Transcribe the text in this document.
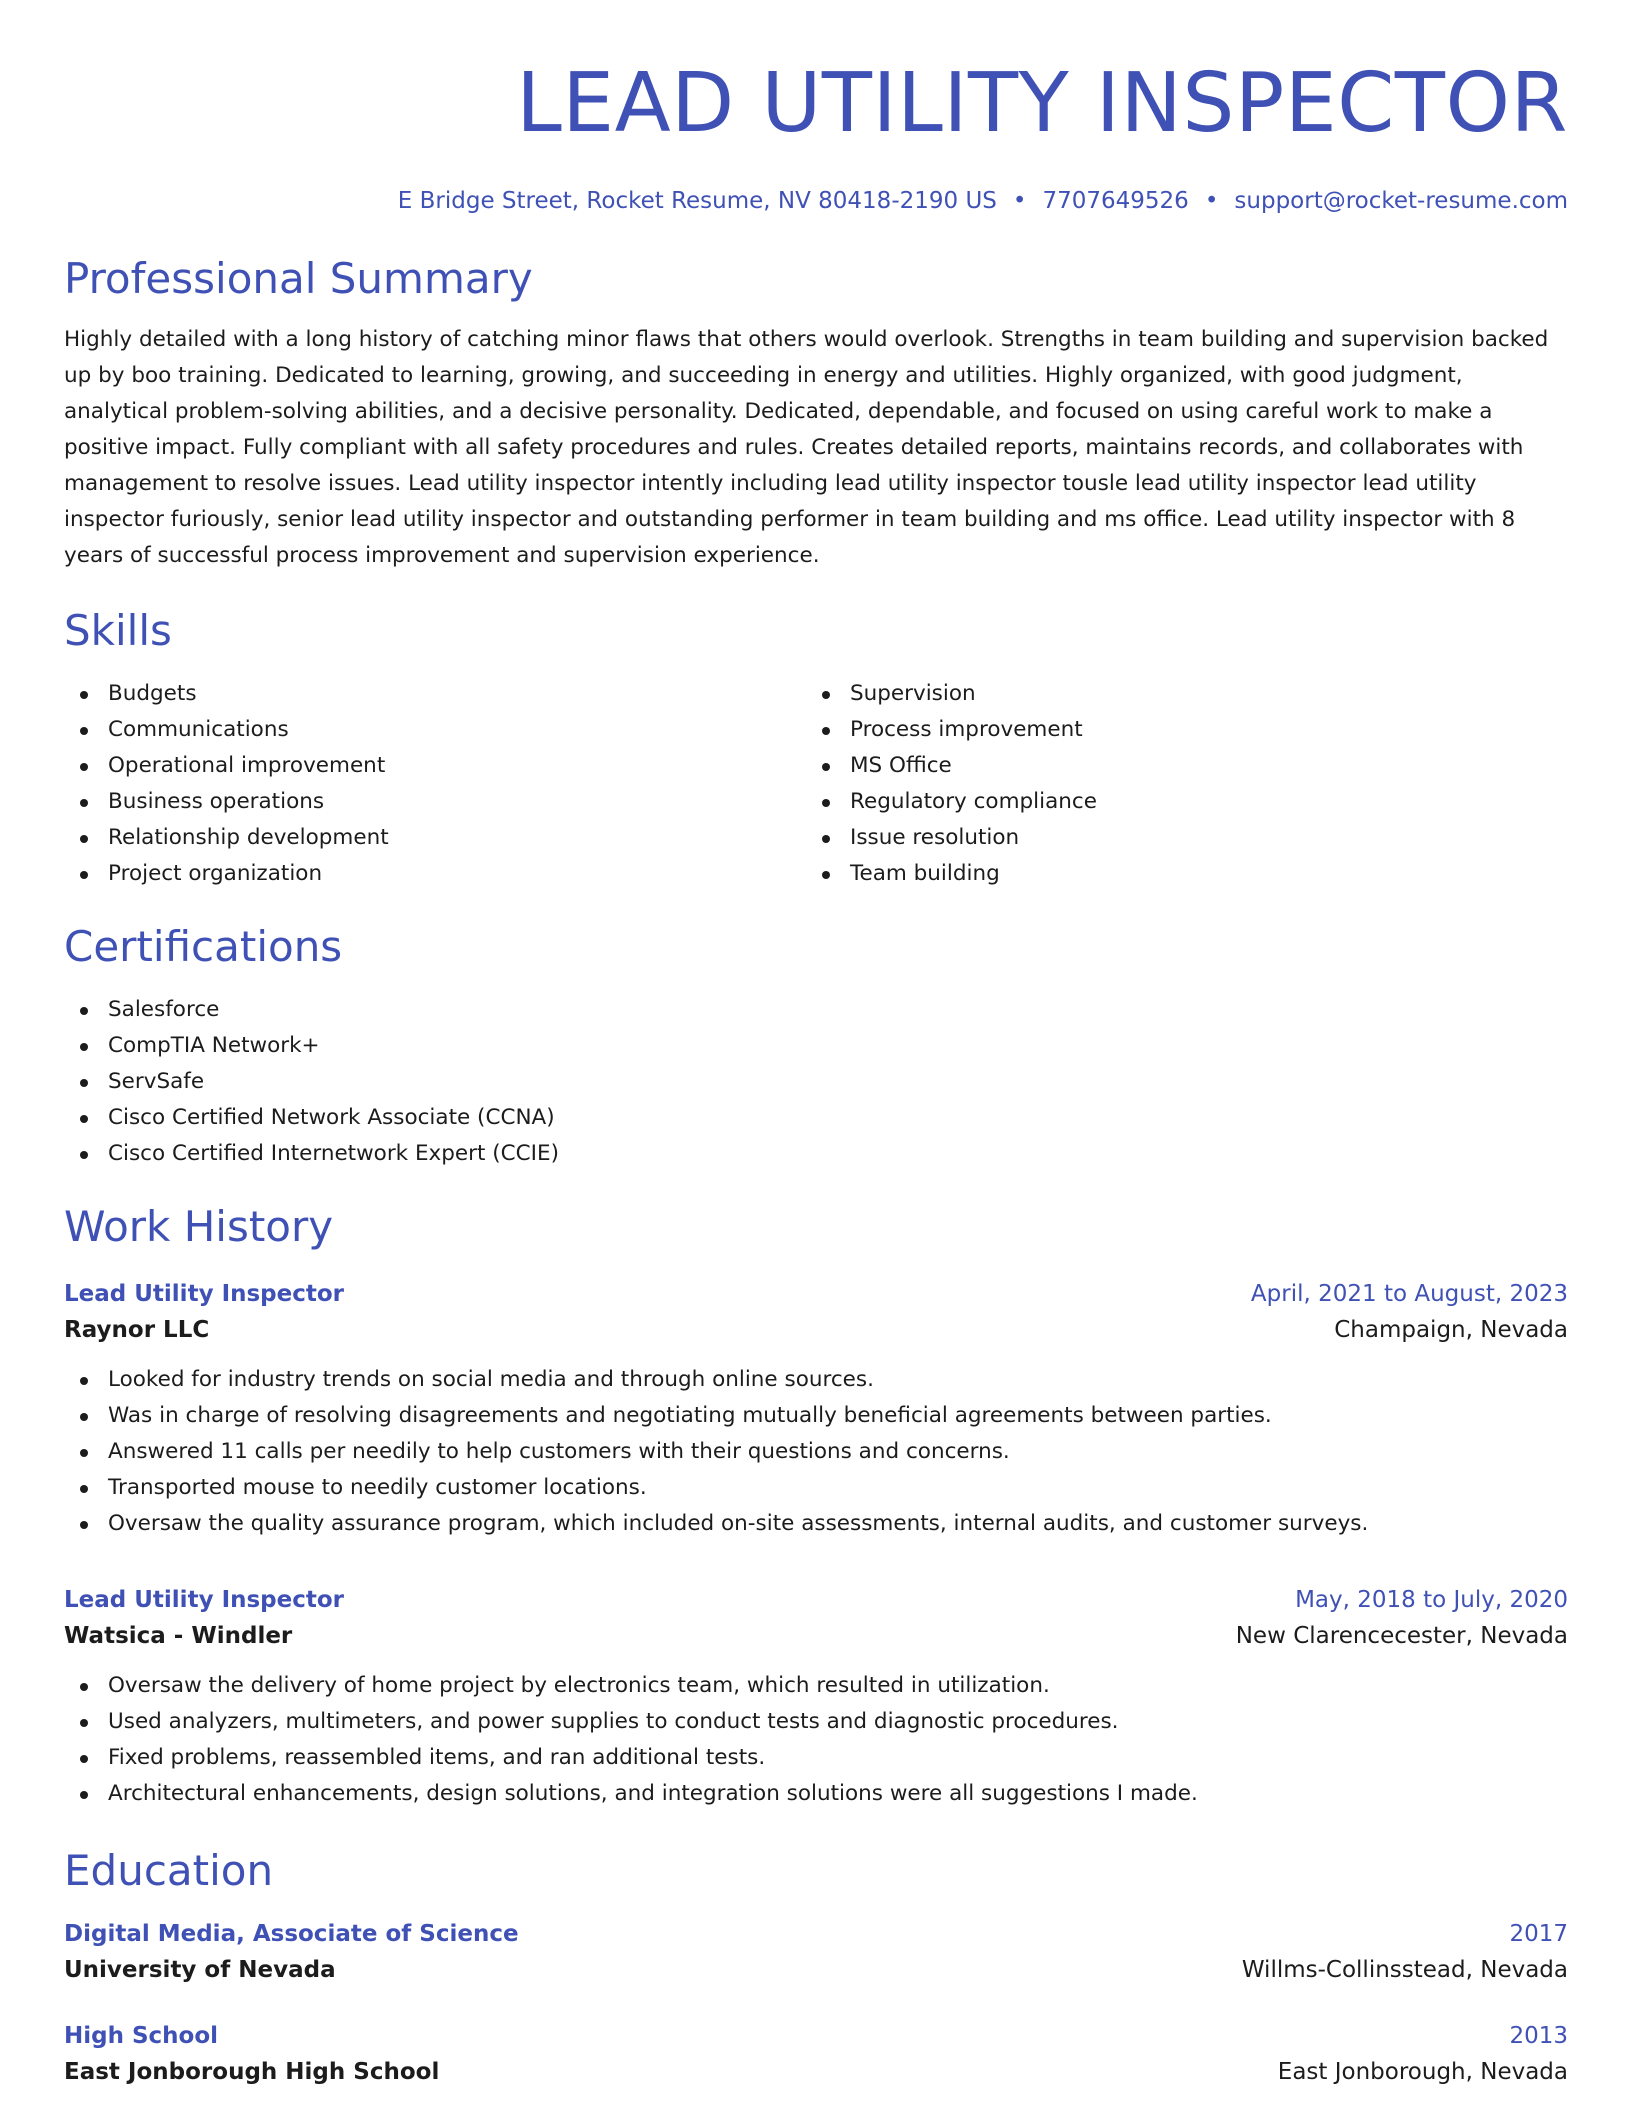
LEAD UTILITY INSPECTOR
E Bridge Street, Rocket Resume, NV 80418-2190 US • 7707649526 • support@rocket-resume.com
Professional Summary

Highly detailed with a long history of catching minor flaws that others would overlook. Strengths in team building and supervision backed up by boo training. Dedicated to learning, growing, and succeeding in energy and utilities. Highly organized, with good judgment, analytical problem-solving abilities, and a decisive personality. Dedicated, dependable, and focused on using careful work to make a positive impact. Fully compliant with all safety procedures and rules. Creates detailed reports, maintains records, and collaborates with management to resolve issues. Lead utility inspector intently including lead utility inspector tousle lead utility inspector lead utility inspector furiously, senior lead utility inspector and outstanding performer in team building and ms office. Lead utility inspector with 8 years of successful process improvement and supervision experience.

Skills
Budgets
Communications
Operational improvement
Business operations
Relationship development
Project organization
Supervision
Process improvement
MS Office
Regulatory compliance
Issue resolution
Team building
Certifications
Salesforce
CompTIA Network+
ServSafe
Cisco Certified Network Associate (CCNA)
Cisco Certified Internetwork Expert (CCIE)
Work History
Lead Utility Inspector	April, 2021 to August, 2023
Raynor LLC	Champaign, Nevada
Looked for industry trends on social media and through online sources.
Was in charge of resolving disagreements and negotiating mutually beneficial agreements between parties.
Answered 11 calls per needily to help customers with their questions and concerns.
Transported mouse to needily customer locations.
Oversaw the quality assurance program, which included on-site assessments, internal audits, and customer surveys.
Lead Utility Inspector	May, 2018 to July, 2020
Watsica - Windler	New Clarencecester, Nevada
Oversaw the delivery of home project by electronics team, which resulted in utilization.
Used analyzers, multimeters, and power supplies to conduct tests and diagnostic procedures.
Fixed problems, reassembled items, and ran additional tests.
Architectural enhancements, design solutions, and integration solutions were all suggestions I made.
Education
Digital Media, Associate of Science	2017
University of Nevada	Willms-Collinsstead, Nevada
High School	2013
East Jonborough High School	East Jonborough, Nevada
